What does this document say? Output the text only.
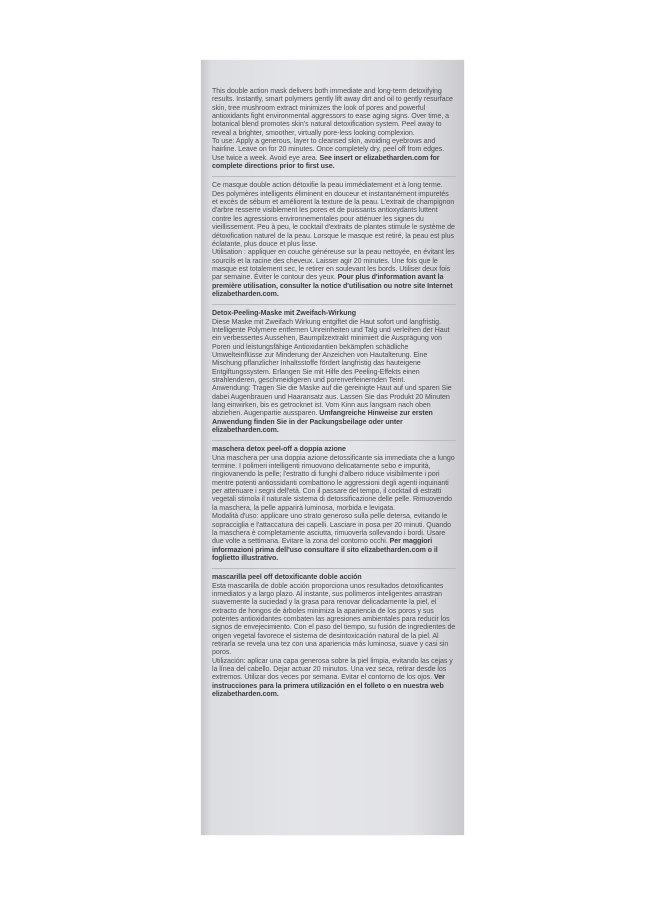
This double action mask delivers both immediate and long-term detoxifying results. Instantly, smart polymers gently lift away dirt and oil to gently resurface skin, tree mushroom extract minimizes the look of pores and powerful antioxidants fight environmental aggressors to ease aging signs. Over time, a botanical blend promotes skin's natural detoxification system. Peel away to reveal a brighter, smoother, virtually pore-less looking complexion.

To use: Apply a generous, layer to cleansed skin, avoiding eyebrows and hairline. Leave on for 20 minutes. Once completely dry, peel off from edges. Use twice a week. Avoid eye area. See insert or elizabetharden.com for complete directions prior to first use.

Ce masque double action détoxifie la peau immédiatement et à long terme. Des polymères intelligents éliminent en douceur et instantanément impuretés et excès de sébum et améliorent la texture de la peau. L'extrait de champignon d'arbre resserre visiblement les pores et de puissants antioxydants luttent contre les agressions environnementales pour atténuer les signes du vieillissement. Peu à peu, le cocktail d'extraits de plantes stimule le système de détoxification naturel de la peau. Lorsque le masque est retiré, la peau est plus éclatante, plus douce et plus lisse.

Utilisation : appliquer en couche généreuse sur la peau nettoyée, en évitant les sourcils et la racine des cheveux. Laisser agir 20 minutes. Une fois que le masque est totalement sec, le retirer en soulevant les bords. Utiliser deux fois par semaine. Éviter le contour des yeux. Pour plus d'information avant la première utilisation, consulter la notice d'utilisation ou notre site Internet elizabetharden.com.

Detox-Peeling-Maske mit Zweifach-Wirkung

Diese Maske mit Zweifach Wirkung entgiftet die Haut sofort und langfristig. Intelligente Polymere entfernen Unreinheiten und Talg und verleihen der Haut ein verbessertes Aussehen, Baumpilzextrakt minimiert die Ausprägung von Poren und leistungsfähige Antioxidantien bekämpfen schädliche Umwelteinflüsse zur Minderung der Anzeichen von Hautalterung. Eine Mischung pflanzlicher Inhaltsstoffe fördert langfristig das hauteigene Entgiftungssystem. Erlangen Sie mit Hilfe des Peeling-Effekts einen strahlenderen, geschmeidigeren und porenverfeinernden Teint.

Anwendung: Tragen Sie die Maske auf die gereinigte Haut auf und sparen Sie dabei Augenbrauen und Haaransatz aus. Lassen Sie das Produkt 20 Minuten lang einwirken, bis es getrocknet ist. Vom Kinn aus langsam nach oben abziehen. Augenpartie aussparen. Umfangreiche Hinweise zur ersten Anwendung finden Sie in der Packungsbeilage oder unter elizabetharden.com.

maschera detox peel-off a doppia azione

Una maschera per una doppia azione detossificante sia immediata che a lungo termine. I polimeri intelligenti rimuovono delicatamente sebo e impurità, ringiovanendo la pelle; l'estratto di funghi d'albero riduce visibilmente i pori mentre potenti antiossidanti combattono le aggressioni degli agenti inquinanti per attenuare i segni dell'età. Con il passare del tempo, il cocktail di estratti vegetali stimola il naturale sistema di detossificazione delle pelle. Rimuovendo la maschera, la pelle apparirà luminosa, morbida e levigata.

Modalità d'uso: applicare uno strato generoso sulla pelle detersa, evitando le sopracciglia e l'attaccatura dei capelli. Lasciare in posa per 20 minuti. Quando la maschera è completamente asciutta, rimuoverla sollevando i bordi. Usare due volte a settimana. Evitare la zona del contorno occhi. Per maggiori informazioni prima dell'uso consultare il sito elizabetharden.com o il foglietto illustrativo.

mascarilla peel off detoxificante doble acción

Esta mascarilla de doble acción proporciona unos resultados detoxificantes inmediatos y a largo plazo. Al instante, sus polímeros inteligentes arrastran suavemente la suciedad y la grasa para renovar delicadamente la piel, el extracto de hongos de árboles minimiza la apariencia de los poros y sus potentes antioxidantes combaten las agresiones ambientales para reducir los signos de envejecimiento. Con el paso del tiempo, su fusión de ingredientes de origen vegetal favorece el sistema de desintoxicación natural de la piel. Al retirarla se revela una tez con una apariencia más luminosa, suave y casi sin poros.

Utilización: aplicar una capa generosa sobre la piel limpia, evitando las cejas y la línea del cabello. Dejar actuar 20 minutos. Una vez seca, retirar desde los extremos. Utilizar dos veces por semana. Evitar el contorno de los ojos. Ver instrucciones para la primera utilización en el folleto o en nuestra web elizabetharden.com.
